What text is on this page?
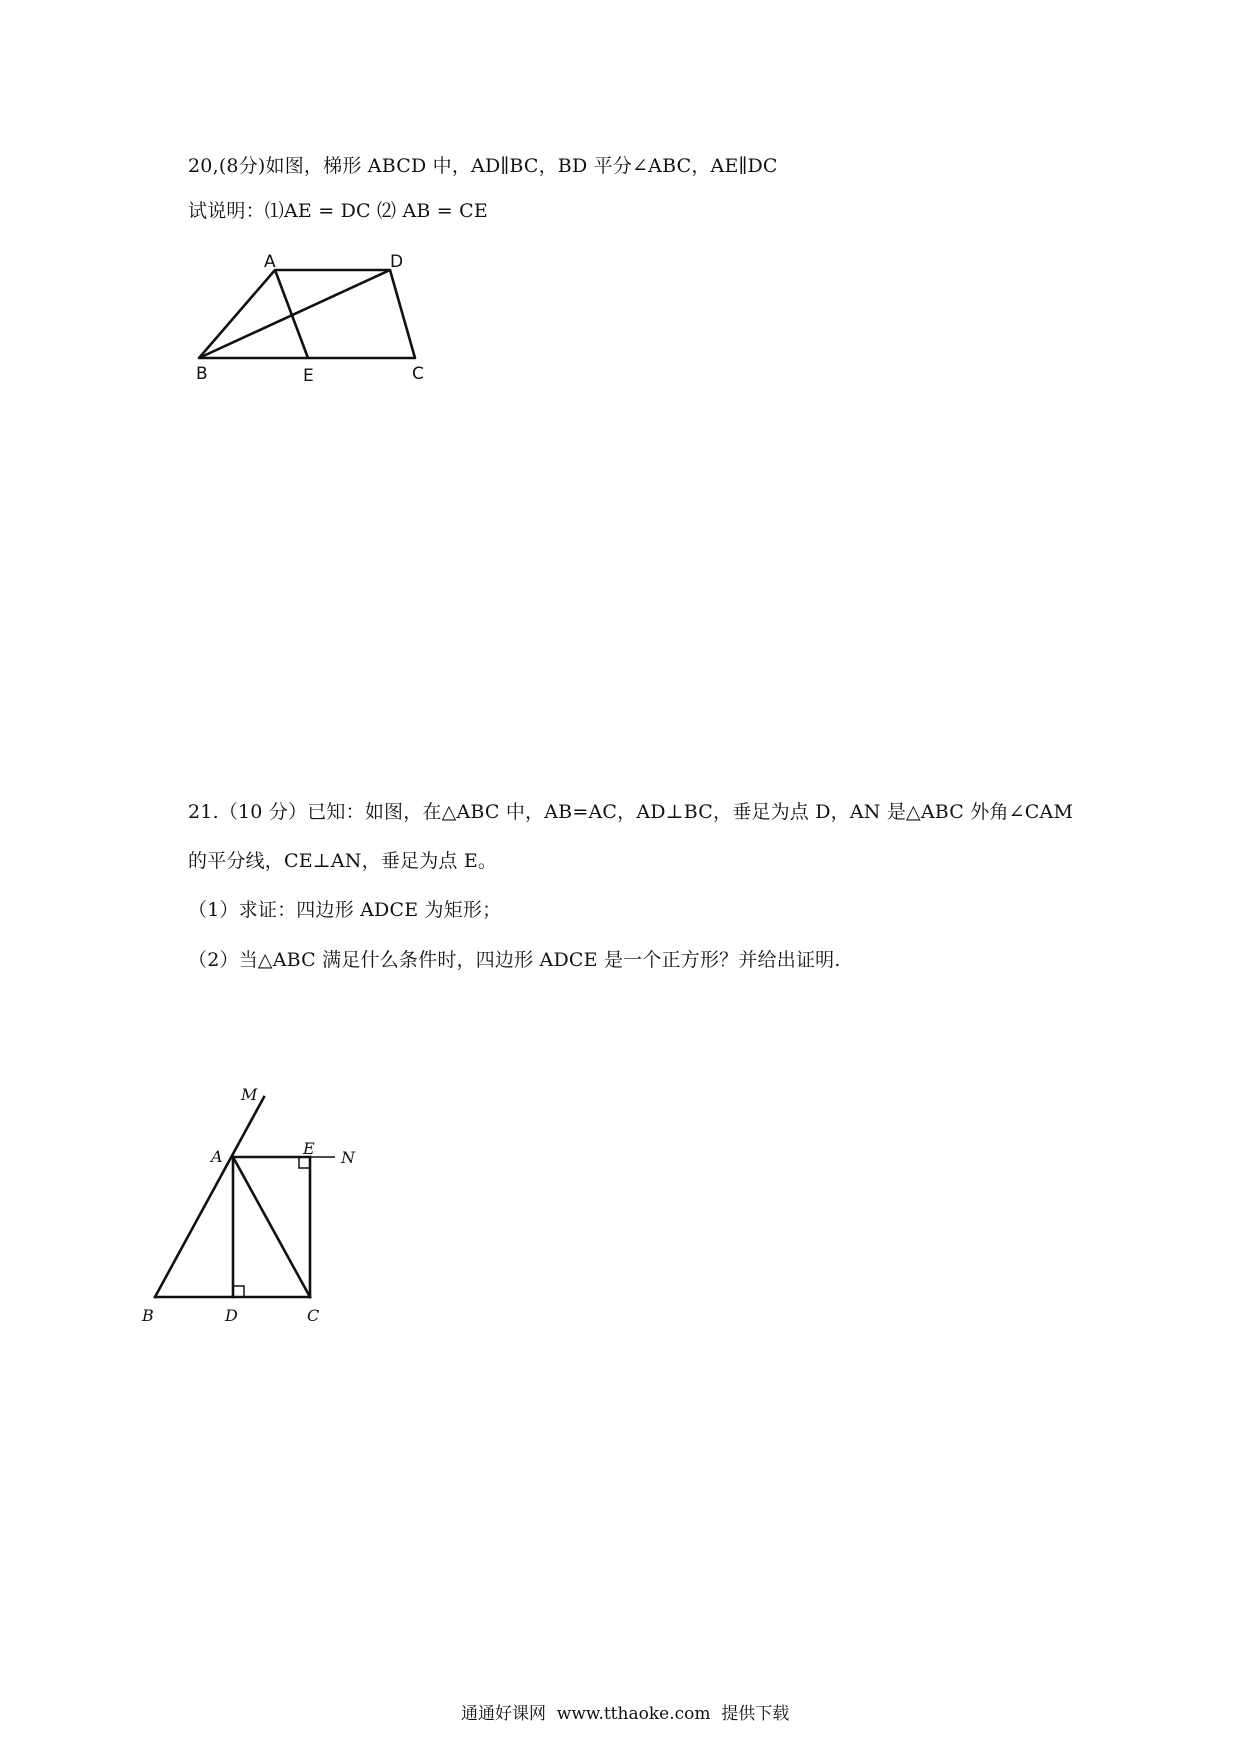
20,(8分)如图，梯形 ABCD 中，AD∥BC，BD 平分∠ABC，AE∥DC
试说明：⑴AE = DC ⑵ AB = CE
A	D
B	E	C
21.（10 分）已知：如图，在△ABC 中，AB=AC，AD⊥BC，垂足为点 D，AN 是△ABC 外角∠CAM
的平分线，CE⊥AN，垂足为点 E。
（1）求证：四边形 ADCE 为矩形；
（2）当△ABC 满足什么条件时，四边形 ADCE 是一个正方形？并给出证明.
M
A	E N
B	D	C
通通好课网  www.tthaoke.com  提供下载
